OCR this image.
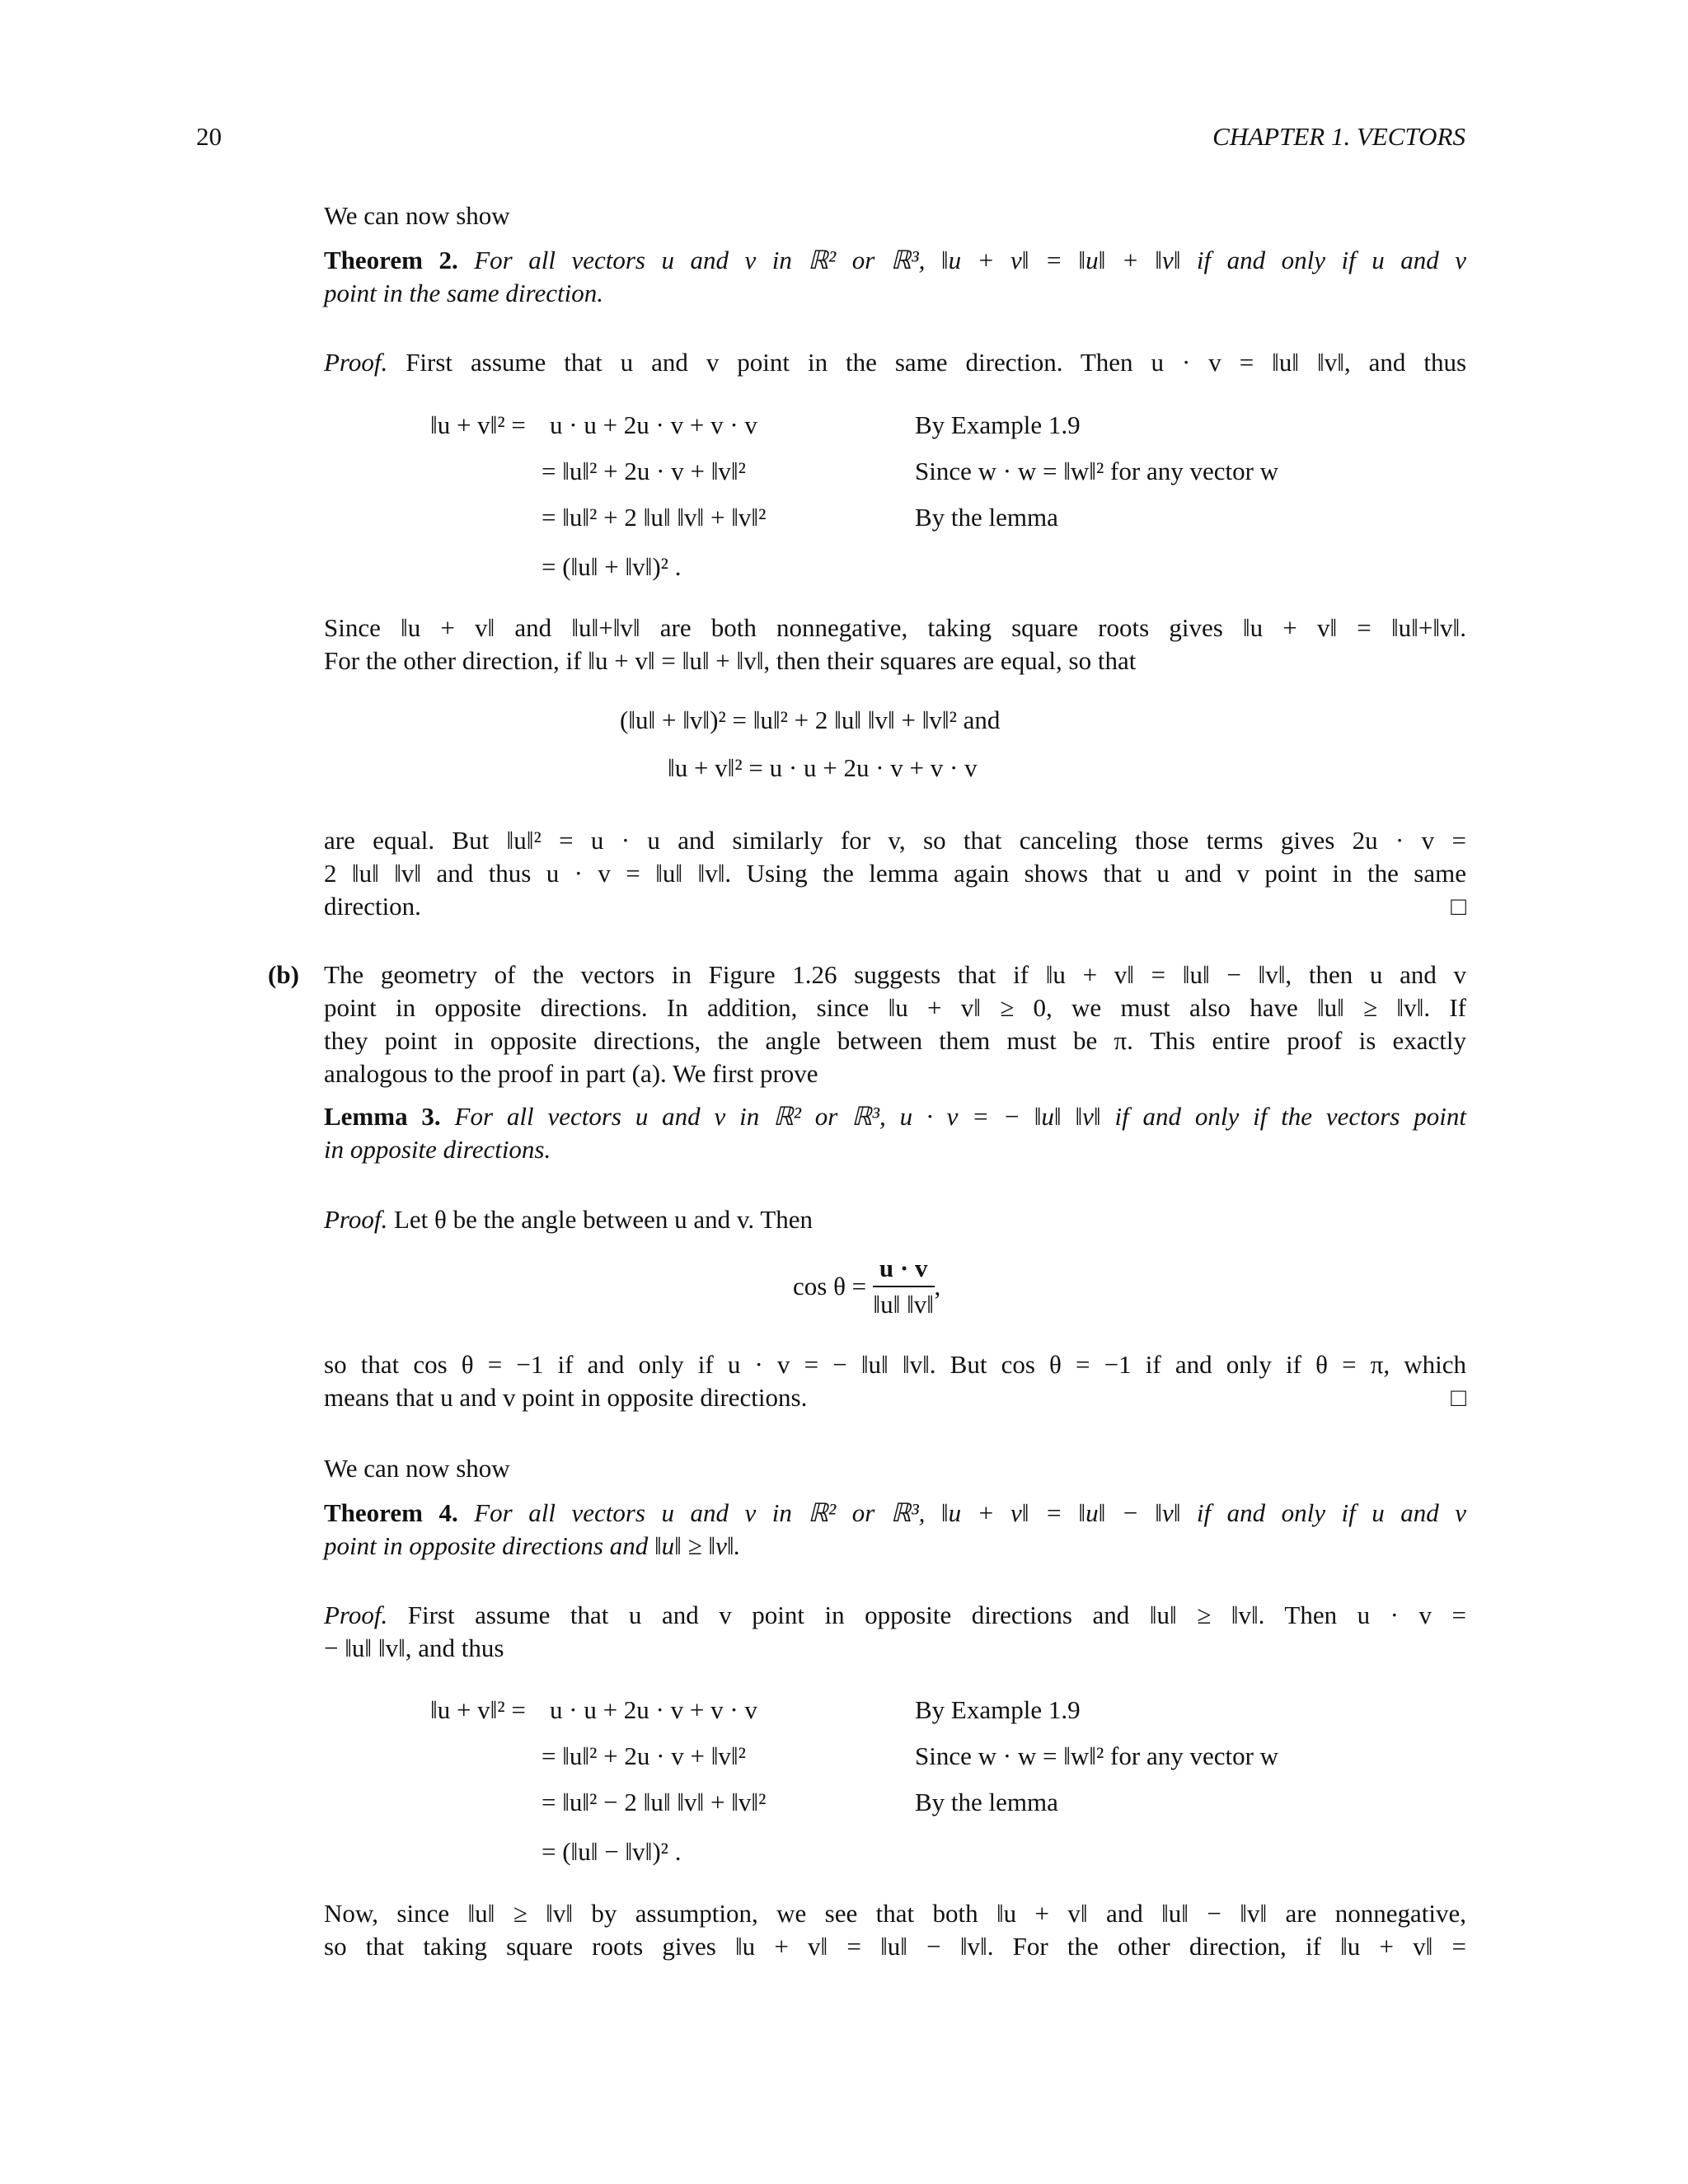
20	CHAPTER 1. VECTORS

We can now show

Theorem 2. For all vectors u and v in ℝ² or ℝ³, ‖u + v‖ = ‖u‖ + ‖v‖ if and only if u and v

point in the same direction.

Proof. First assume that u and v point in the same direction. Then u · v = ‖u‖ ‖v‖, and thus

‖u + v‖² = u · u + 2u · v + v · v	By Example 1.9
= ‖u‖² + 2u · v + ‖v‖²	Since w · w = ‖w‖² for any vector w
= ‖u‖² + 2 ‖u‖ ‖v‖ + ‖v‖²	By the lemma
= (‖u‖ + ‖v‖)² .

Since ‖u + v‖ and ‖u‖+‖v‖ are both nonnegative, taking square roots gives ‖u + v‖ = ‖u‖+‖v‖.

For the other direction, if ‖u + v‖ = ‖u‖ + ‖v‖, then their squares are equal, so that

(‖u‖ + ‖v‖)² = ‖u‖² + 2 ‖u‖ ‖v‖ + ‖v‖² and
‖u + v‖² = u · u + 2u · v + v · v

are equal. But ‖u‖² = u · u and similarly for v, so that canceling those terms gives 2u · v =

2 ‖u‖ ‖v‖ and thus u · v = ‖u‖ ‖v‖. Using the lemma again shows that u and v point in the same

direction.	□

(b) The geometry of the vectors in Figure 1.26 suggests that if ‖u + v‖ = ‖u‖ − ‖v‖, then u and v

point in opposite directions. In addition, since ‖u + v‖ ≥ 0, we must also have ‖u‖ ≥ ‖v‖. If

they point in opposite directions, the angle between them must be π. This entire proof is exactly

analogous to the proof in part (a). We first prove

Lemma 3. For all vectors u and v in ℝ² or ℝ³, u · v = − ‖u‖ ‖v‖ if and only if the vectors point

in opposite directions.

Proof. Let θ be the angle between u and v. Then

$\cos \theta = \frac{u \cdot v}{‖u‖ ‖v‖}$ ,

so that cos θ = −1 if and only if u · v = − ‖u‖ ‖v‖. But cos θ = −1 if and only if θ = π, which

means that u and v point in opposite directions.	□

We can now show

Theorem 4. For all vectors u and v in ℝ² or ℝ³, ‖u + v‖ = ‖u‖ − ‖v‖ if and only if u and v

point in opposite directions and ‖u‖ ≥ ‖v‖.

Proof. First assume that u and v point in opposite directions and ‖u‖ ≥ ‖v‖. Then u · v =

− ‖u‖ ‖v‖, and thus

‖u + v‖² = u · u + 2u · v + v · v	By Example 1.9
= ‖u‖² + 2u · v + ‖v‖²	Since w · w = ‖w‖² for any vector w
= ‖u‖² − 2 ‖u‖ ‖v‖ + ‖v‖²	By the lemma
= (‖u‖ − ‖v‖)² .

Now, since ‖u‖ ≥ ‖v‖ by assumption, we see that both ‖u + v‖ and ‖u‖ − ‖v‖ are nonnegative,

so that taking square roots gives ‖u + v‖ = ‖u‖ − ‖v‖. For the other direction, if ‖u + v‖ =
